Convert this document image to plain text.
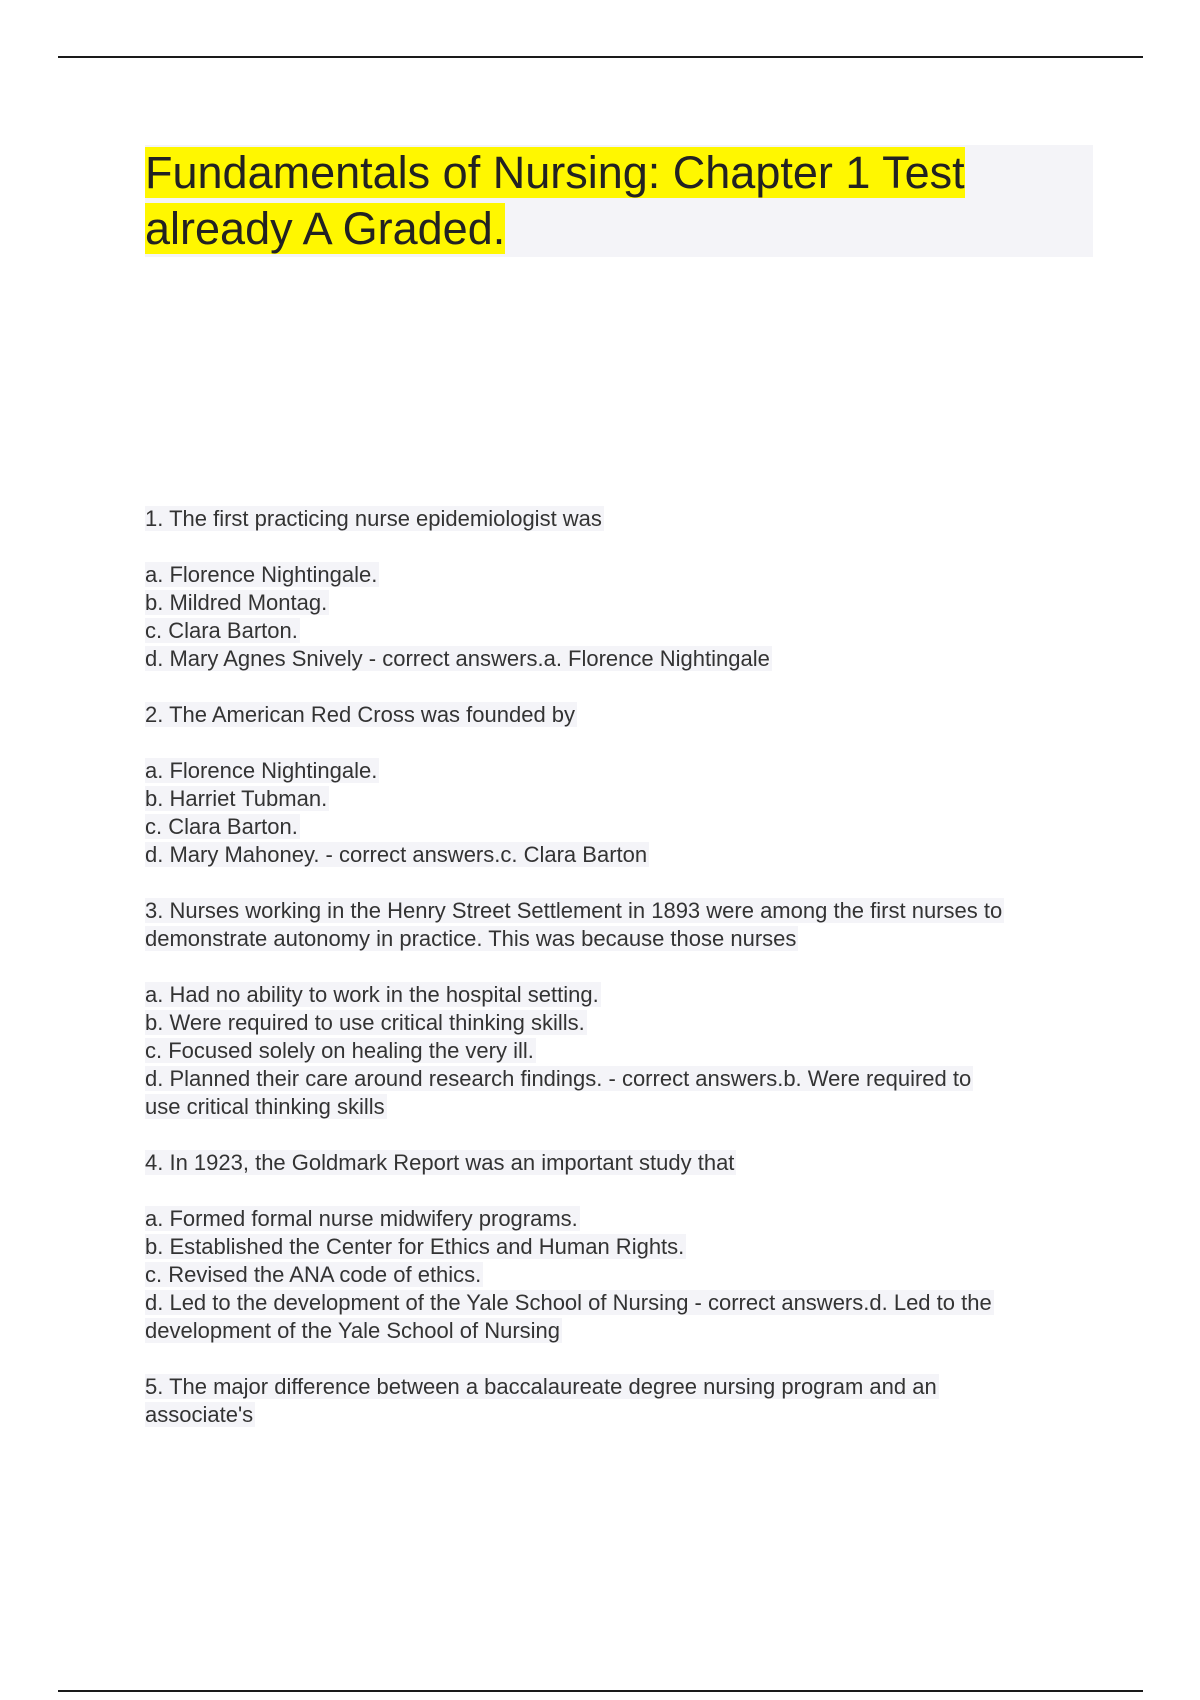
Fundamentals of Nursing: Chapter 1 Test
already A Graded.
1. The first practicing nurse epidemiologist was
a. Florence Nightingale.
b. Mildred Montag.
c. Clara Barton.
d. Mary Agnes Snively - correct answers.a. Florence Nightingale
2. The American Red Cross was founded by
a. Florence Nightingale.
b. Harriet Tubman.
c. Clara Barton.
d. Mary Mahoney. - correct answers.c. Clara Barton
3. Nurses working in the Henry Street Settlement in 1893 were among the first nurses to
demonstrate autonomy in practice. This was because those nurses
a. Had no ability to work in the hospital setting.
b. Were required to use critical thinking skills.
c. Focused solely on healing the very ill.
d. Planned their care around research findings. - correct answers.b. Were required to
use critical thinking skills
4. In 1923, the Goldmark Report was an important study that
a. Formed formal nurse midwifery programs.
b. Established the Center for Ethics and Human Rights.
c. Revised the ANA code of ethics.
d. Led to the development of the Yale School of Nursing - correct answers.d. Led to the
development of the Yale School of Nursing
5. The major difference between a baccalaureate degree nursing program and an
associate's
